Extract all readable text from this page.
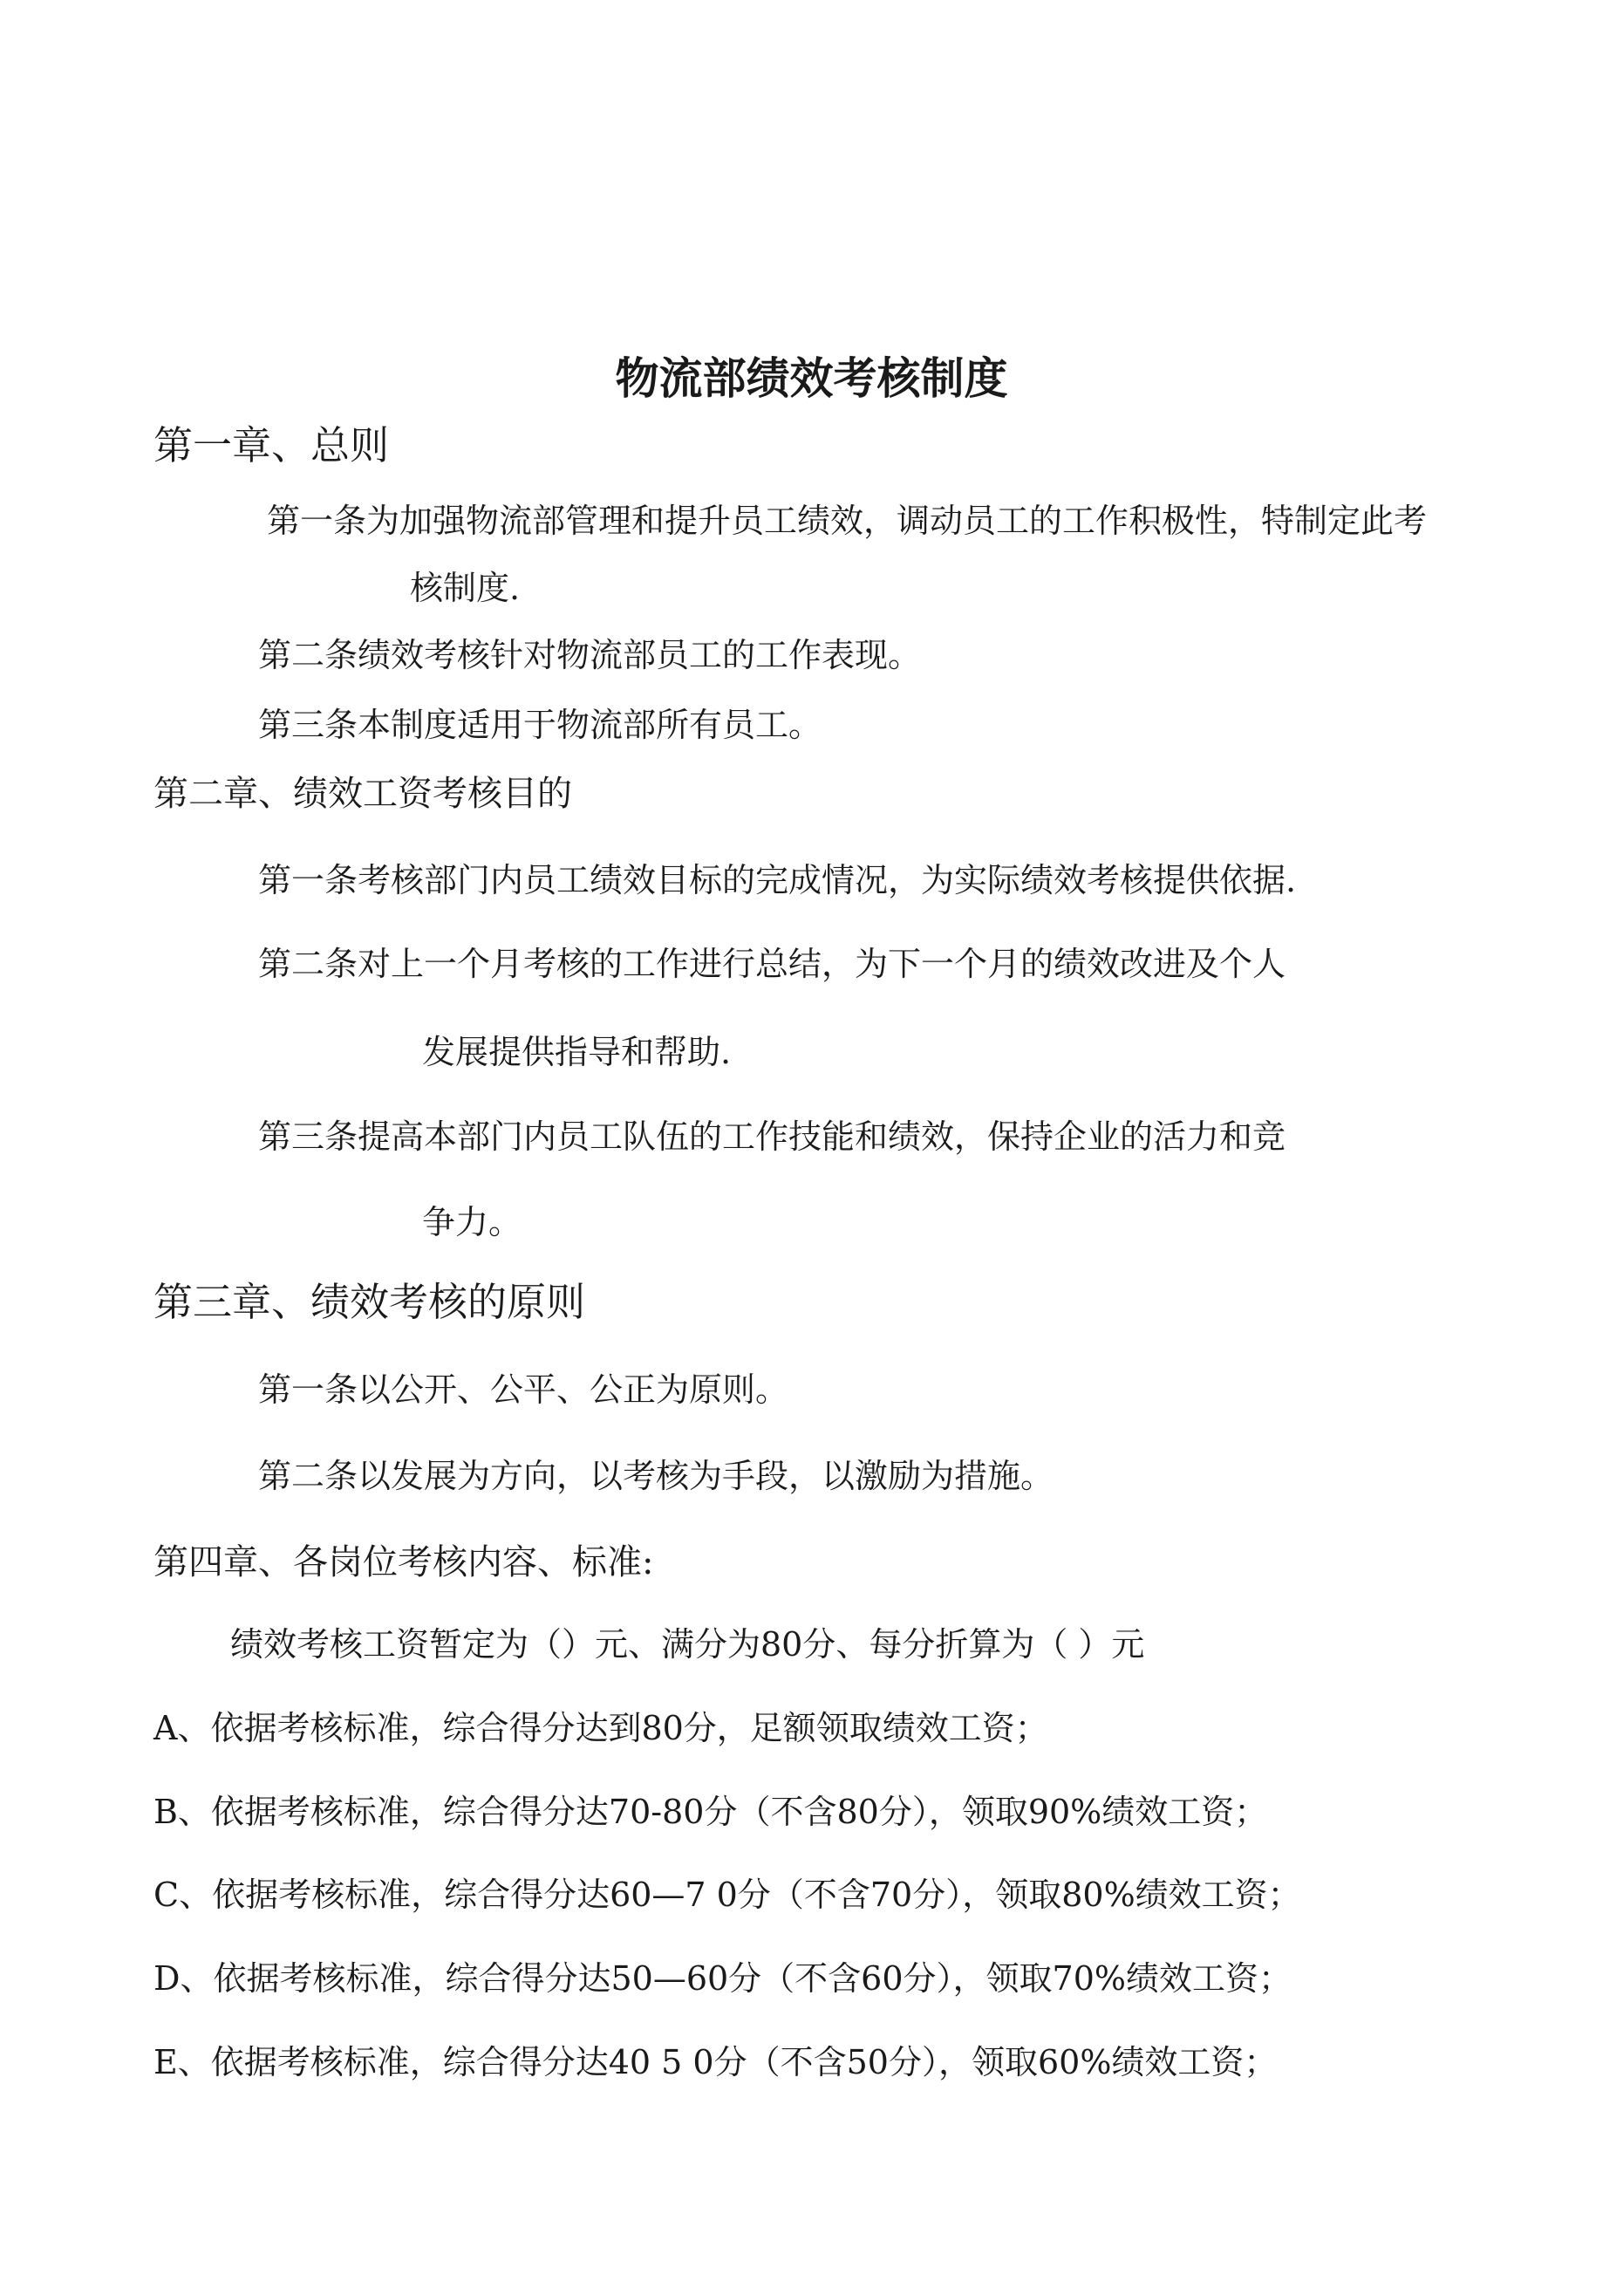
物流部绩效考核制度
第一章、总则
第一条为加强物流部管理和提升员工绩效，调动员工的工作积极性，特制定此考
核制度.
第二条绩效考核针对物流部员工的工作表现。
第三条本制度适用于物流部所有员工。
第二章、绩效工资考核目的
第一条考核部门内员工绩效目标的完成情况，为实际绩效考核提供依据.
第二条对上一个月考核的工作进行总结，为下一个月的绩效改进及个人
发展提供指导和帮助.
第三条提高本部门内员工队伍的工作技能和绩效，保持企业的活力和竞
争力。
第三章、绩效考核的原则
第一条以公开、公平、公正为原则。
第二条以发展为方向，以考核为手段，以激励为措施。
第四章、各岗位考核内容、标准:
绩效考核工资暂定为（）元、满分为80分、每分折算为（ ）元
A、依据考核标准，综合得分达到80分，足额领取绩效工资；
B、依据考核标准，综合得分达70-80分（不含80分），领取90%绩效工资；
C、依据考核标准，综合得分达60—7 0分（不含70分），领取80%绩效工资；
D、依据考核标准，综合得分达50—60分（不含60分），领取70%绩效工资；
E、依据考核标准，综合得分达40 5 0分（不含50分），领取60%绩效工资；
